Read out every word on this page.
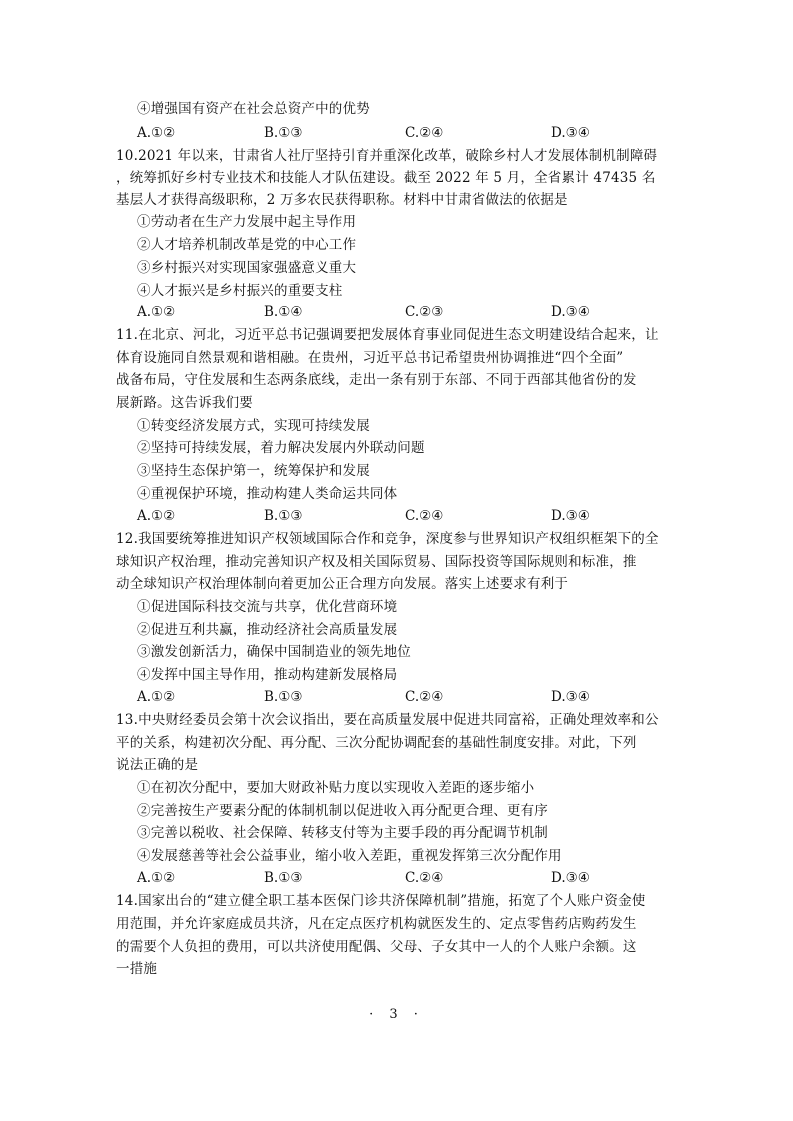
④增强国有资产在社会总资产中的优势
A.①②	B.①③	C.②④	D.③④
10.2021 年以来，甘肃省人社厅坚持引育并重深化改革，破除乡村人才发展体制机制障碍
，统筹抓好乡村专业技术和技能人才队伍建设。截至 2022 年 5 月，全省累计 47435 名
基层人才获得高级职称，2 万多农民获得职称。材料中甘肃省做法的依据是
①劳动者在生产力发展中起主导作用
②人才培养机制改革是党的中心工作
③乡村振兴对实现国家强盛意义重大
④人才振兴是乡村振兴的重要支柱
A.①②	B.①④	C.②③	D.③④
11.在北京、河北，习近平总书记强调要把发展体育事业同促进生态文明建设结合起来，让
体育设施同自然景观和谐相融。在贵州，习近平总书记希望贵州协调推进“四个全面”
战备布局，守住发展和生态两条底线，走出一条有别于东部、不同于西部其他省份的发
展新路。这告诉我们要
①转变经济发展方式，实现可持续发展
②坚持可持续发展，着力解决发展内外联动问题
③坚持生态保护第一，统筹保护和发展
④重视保护环境，推动构建人类命运共同体
A.①②	B.①③	C.②④	D.③④
12.我国要统筹推进知识产权领域国际合作和竞争，深度参与世界知识产权组织框架下的全
球知识产权治理，推动完善知识产权及相关国际贸易、国际投资等国际规则和标准，推
动全球知识产权治理体制向着更加公正合理方向发展。落实上述要求有利于
①促进国际科技交流与共享，优化营商环境
②促进互利共赢，推动经济社会高质量发展
③激发创新活力，确保中国制造业的领先地位
④发挥中国主导作用，推动构建新发展格局
A.①②	B.①③	C.②④	D.③④
13.中央财经委员会第十次会议指出，要在高质量发展中促进共同富裕，正确处理效率和公
平的关系，构建初次分配、再分配、三次分配协调配套的基础性制度安排。对此，下列
说法正确的是
①在初次分配中，要加大财政补贴力度以实现收入差距的逐步缩小
②完善按生产要素分配的体制机制以促进收入再分配更合理、更有序
③完善以税收、社会保障、转移支付等为主要手段的再分配调节机制
④发展慈善等社会公益事业，缩小收入差距，重视发挥第三次分配作用
A.①②	B.①③	C.②④	D.③④
14.国家出台的“建立健全职工基本医保门诊共济保障机制”措施，拓宽了个人账户资金使
用范围，并允许家庭成员共济，凡在定点医疗机构就医发生的、定点零售药店购药发生
的需要个人负担的费用，可以共济使用配偶、父母、子女其中一人的个人账户余额。这
一措施
· 3 ·
